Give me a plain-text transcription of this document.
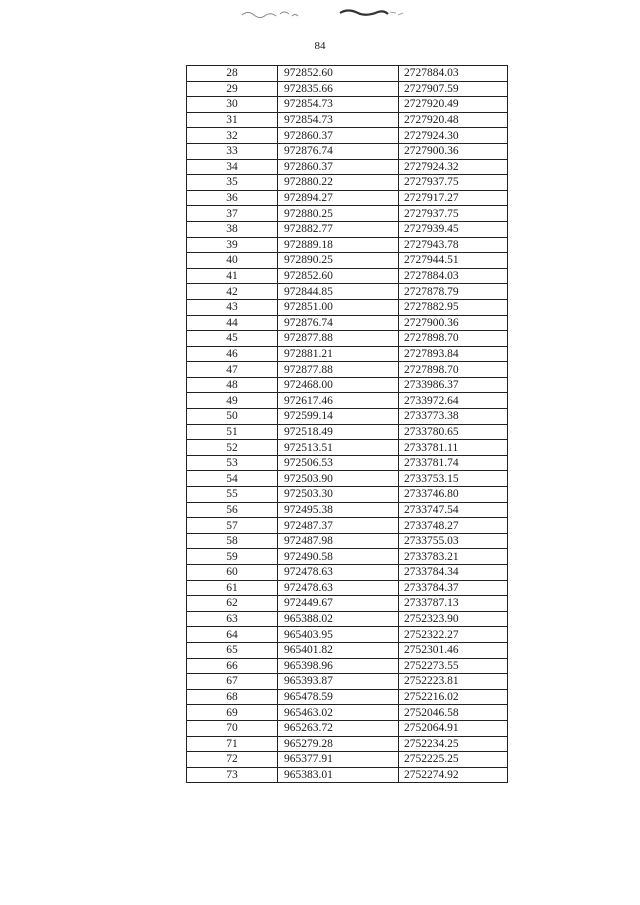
84
28	972852.60	2727884.03
29	972835.66	2727907.59
30	972854.73	2727920.49
31	972854.73	2727920.48
32	972860.37	2727924.30
33	972876.74	2727900.36
34	972860.37	2727924.32
35	972880.22	2727937.75
36	972894.27	2727917.27
37	972880.25	2727937.75
38	972882.77	2727939.45
39	972889.18	2727943.78
40	972890.25	2727944.51
41	972852.60	2727884.03
42	972844.85	2727878.79
43	972851.00	2727882.95
44	972876.74	2727900.36
45	972877.88	2727898.70
46	972881.21	2727893.84
47	972877.88	2727898.70
48	972468.00	2733986.37
49	972617.46	2733972.64
50	972599.14	2733773.38
51	972518.49	2733780.65
52	972513.51	2733781.11
53	972506.53	2733781.74
54	972503.90	2733753.15
55	972503.30	2733746.80
56	972495.38	2733747.54
57	972487.37	2733748.27
58	972487.98	2733755.03
59	972490.58	2733783.21
60	972478.63	2733784.34
61	972478.63	2733784.37
62	972449.67	2733787.13
63	965388.02	2752323.90
64	965403.95	2752322.27
65	965401.82	2752301.46
66	965398.96	2752273.55
67	965393.87	2752223.81
68	965478.59	2752216.02
69	965463.02	2752046.58
70	965263.72	2752064.91
71	965279.28	2752234.25
72	965377.91	2752225.25
73	965383.01	2752274.92
